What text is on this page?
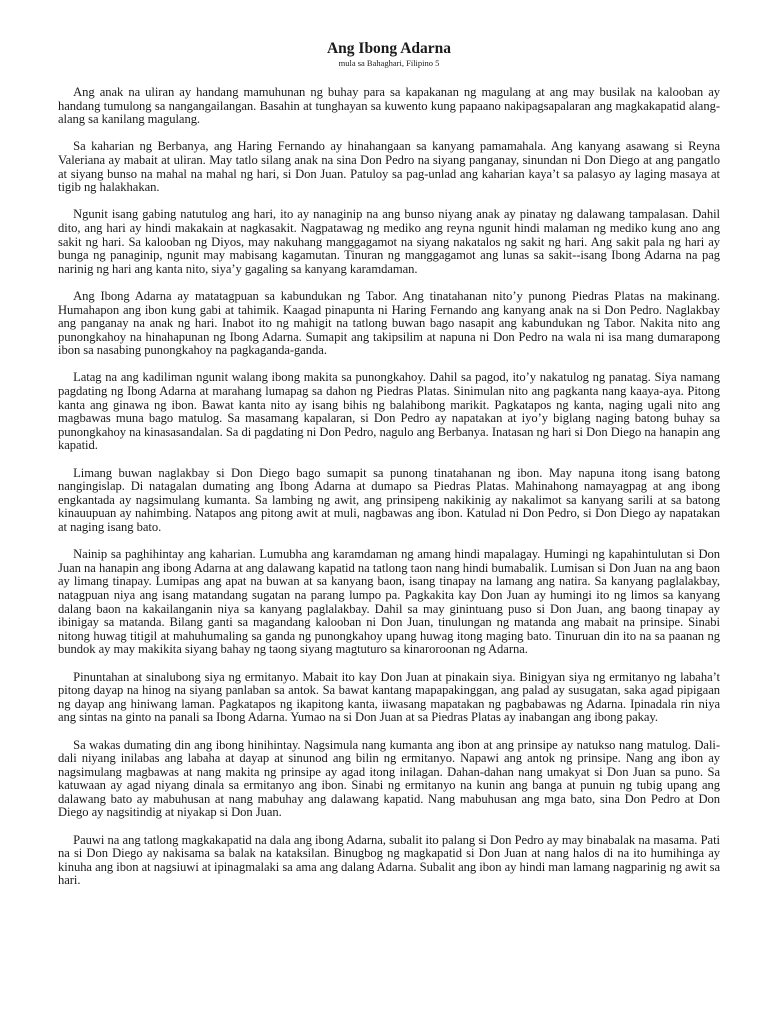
Ang Ibong Adarna

mula sa Bahaghari, Filipino 5

Ang anak na uliran ay handang mamuhunan ng buhay para sa kapakanan ng magulang at ang may busilak na kalooban ay handang tumulong sa nangangailangan. Basahin at tunghayan sa kuwento kung papaano nakipagsapalaran ang magkakapatid alang-alang sa kanilang magulang.

Sa kaharian ng Berbanya, ang Haring Fernando ay hinahangaan sa kanyang pamamahala. Ang kanyang asawang si Reyna Valeriana ay mabait at uliran. May tatlo silang anak na sina Don Pedro na siyang panganay, sinundan ni Don Diego at ang pangatlo at siyang bunso na mahal na mahal ng hari, si Don Juan. Patuloy sa pag-unlad ang kaharian kaya’t sa palasyo ay laging masaya at tigib ng halakhakan.

Ngunit isang gabing natutulog ang hari, ito ay nanaginip na ang bunso niyang anak ay pinatay ng dalawang tampalasan. Dahil dito, ang hari ay hindi makakain at nagkasakit. Nagpatawag ng mediko ang reyna ngunit hindi malaman ng mediko kung ano ang sakit ng hari. Sa kalooban ng Diyos, may nakuhang manggagamot na siyang nakatalos ng sakit ng hari. Ang sakit pala ng hari ay bunga ng panaginip, ngunit may mabisang kagamutan. Tinuran ng manggagamot ang lunas sa sakit--isang Ibong Adarna na pag narinig ng hari ang kanta nito, siya’y gagaling sa kanyang karamdaman.

Ang Ibong Adarna ay matatagpuan sa kabundukan ng Tabor. Ang tinatahanan nito’y punong Piedras Platas na makinang. Humahapon ang ibon kung gabi at tahimik. Kaagad pinapunta ni Haring Fernando ang kanyang anak na si Don Pedro. Naglakbay ang panganay na anak ng hari. Inabot ito ng mahigit na tatlong buwan bago nasapit ang kabundukan ng Tabor. Nakita nito ang punongkahoy na hinahapunan ng Ibong Adarna. Sumapit ang takipsilim at napuna ni Don Pedro na wala ni isa mang dumarapong ibon sa nasabing punongkahoy na pagkaganda-ganda.

Latag na ang kadiliman ngunit walang ibong makita sa punongkahoy. Dahil sa pagod, ito’y nakatulog ng panatag. Siya namang pagdating ng Ibong Adarna at marahang lumapag sa dahon ng Piedras Platas. Sinimulan nito ang pagkanta nang kaaya-aya. Pitong kanta ang ginawa ng ibon. Bawat kanta nito ay isang bihis ng balahibong marikit. Pagkatapos ng kanta, naging ugali nito ang magbawas muna bago matulog. Sa masamang kapalaran, si Don Pedro ay napatakan at iyo’y biglang naging batong buhay sa punongkahoy na kinasasandalan. Sa di pagdating ni Don Pedro, nagulo ang Berbanya. Inatasan ng hari si Don Diego na hanapin ang kapatid.

Limang buwan naglakbay si Don Diego bago sumapit sa punong tinatahanan ng ibon. May napuna itong isang batong nangingislap. Di natagalan dumating ang Ibong Adarna at dumapo sa Piedras Platas. Mahinahong namayagpag at ang ibong engkantada ay nagsimulang kumanta. Sa lambing ng awit, ang prinsipeng nakikinig ay nakalimot sa kanyang sarili at sa batong kinauupuan ay nahimbing. Natapos ang pitong awit at muli, nagbawas ang ibon. Katulad ni Don Pedro, si Don Diego ay napatakan at naging isang bato.

Nainip sa paghihintay ang kaharian. Lumubha ang karamdaman ng amang hindi mapalagay. Humingi ng kapahintulutan si Don Juan na hanapin ang ibong Adarna at ang dalawang kapatid na tatlong taon nang hindi bumabalik. Lumisan si Don Juan na ang baon ay limang tinapay. Lumipas ang apat na buwan at sa kanyang baon, isang tinapay na lamang ang natira. Sa kanyang paglalakbay, natagpuan niya ang isang matandang sugatan na parang lumpo pa. Pagkakita kay Don Juan ay humingi ito ng limos sa kanyang dalang baon na kakailanganin niya sa kanyang paglalakbay. Dahil sa may ginintuang puso si Don Juan, ang baong tinapay ay ibinigay sa matanda. Bilang ganti sa magandang kalooban ni Don Juan, tinulungan ng matanda ang mabait na prinsipe. Sinabi nitong huwag titigil at mahuhumaling sa ganda ng punongkahoy upang huwag itong maging bato. Tinuruan din ito na sa paanan ng bundok ay may makikita siyang bahay ng taong siyang magtuturo sa kinaroroonan ng Adarna.

Pinuntahan at sinalubong siya ng ermitanyo. Mabait ito kay Don Juan at pinakain siya. Binigyan siya ng ermitanyo ng labaha’t pitong dayap na hinog na siyang panlaban sa antok. Sa bawat kantang mapapakinggan, ang palad ay susugatan, saka agad pipigaan ng dayap ang hiniwang laman. Pagkatapos ng ikapitong kanta, iiwasang mapatakan ng pagbabawas ng Adarna. Ipinadala rin niya ang sintas na ginto na panali sa Ibong Adarna. Yumao na si Don Juan at sa Piedras Platas ay inabangan ang ibong pakay.

Sa wakas dumating din ang ibong hinihintay. Nagsimula nang kumanta ang ibon at ang prinsipe ay natukso nang matulog. Dali-dali niyang inilabas ang labaha at dayap at sinunod ang bilin ng ermitanyo. Napawi ang antok ng prinsipe. Nang ang ibon ay nagsimulang magbawas at nang makita ng prinsipe ay agad itong inilagan. Dahan-dahan nang umakyat si Don Juan sa puno. Sa katuwaan ay agad niyang dinala sa ermitanyo ang ibon. Sinabi ng ermitanyo na kunin ang banga at punuin ng tubig upang ang dalawang bato ay mabuhusan at nang mabuhay ang dalawang kapatid. Nang mabuhusan ang mga bato, sina Don Pedro at Don Diego ay nagsitindig at niyakap si Don Juan.

Pauwi na ang tatlong magkakapatid na dala ang ibong Adarna, subalit ito palang si Don Pedro ay may binabalak na masama. Pati na si Don Diego ay nakisama sa balak na kataksilan. Binugbog ng magkapatid si Don Juan at nang halos di na ito humihinga ay kinuha ang ibon at nagsiuwi at ipinagmalaki sa ama ang dalang Adarna. Subalit ang ibon ay hindi man lamang nagparinig ng awit sa hari.
